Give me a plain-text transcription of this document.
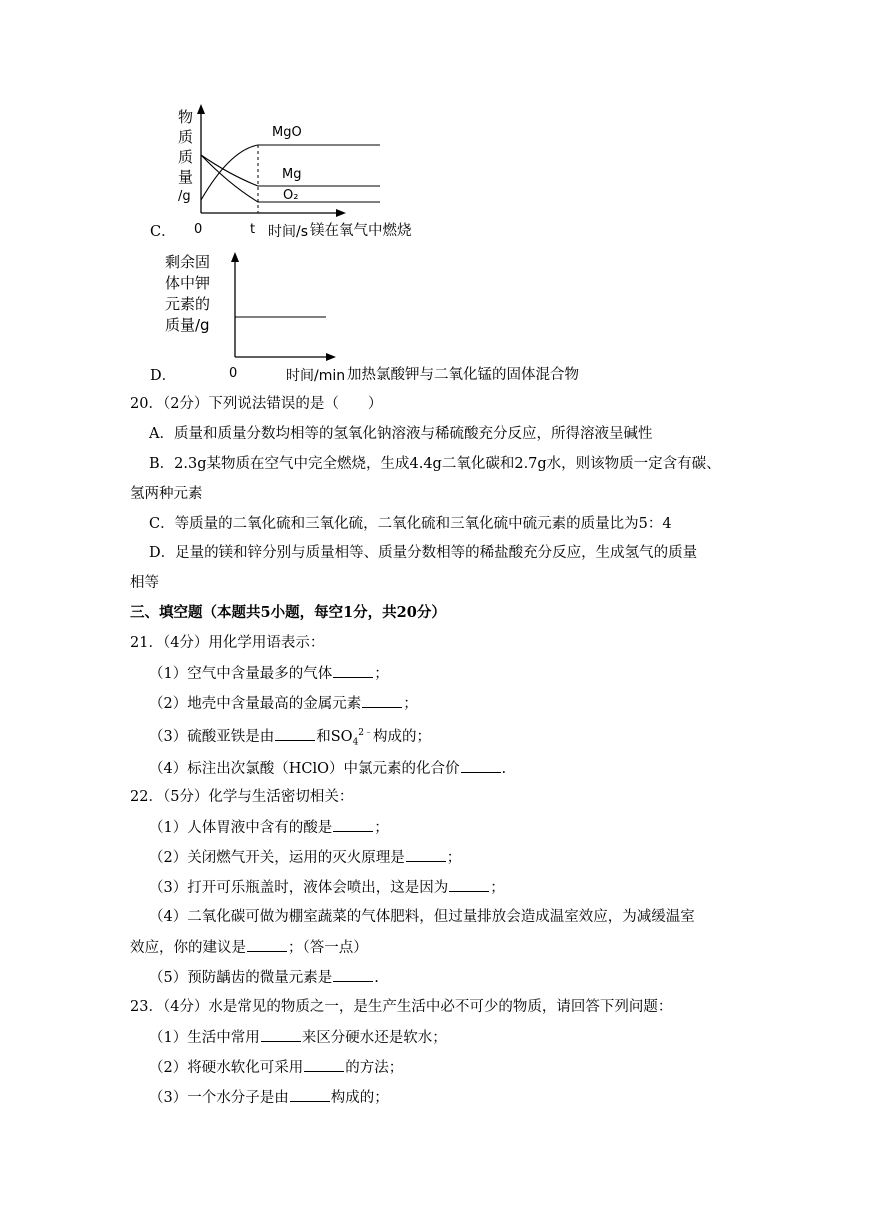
C．
物
质
质
量
/g
MgO
Mg
O₂
0	t 时间/s 镁在氧气中燃烧
D．
剩余固
体中钾
元素的
质量/g
0	时间/min 加热氯酸钾与二氧化锰的固体混合物
20．（2分）下列说法错误的是（　　）
A．质量和质量分数均相等的氢氧化钠溶液与稀硫酸充分反应，所得溶液呈碱性
B．2.3g某物质在空气中完全燃烧，生成4.4g二氧化碳和2.7g水，则该物质一定含有碳、
氢两种元素
C．等质量的二氧化硫和三氧化硫，二氧化硫和三氧化硫中硫元素的质量比为5：4
D．足量的镁和锌分别与质量相等、质量分数相等的稀盐酸充分反应，生成氢气的质量
相等
三、填空题（本题共5小题，每空1分，共20分）
21．（4分）用化学用语表示：
（1）空气中含量最多的气体	；
（2）地壳中含量最高的金属元素	；
（3）硫酸亚铁是由	和$SO_4^{2﹣}$构成的；
（4）标注出次氯酸（HClO）中氯元素的化合价	.
22．（5分）化学与生活密切相关：
（1）人体胃液中含有的酸是	；
（2）关闭燃气开关，运用的灭火原理是	；
（3）打开可乐瓶盖时，液体会喷出，这是因为	；
（4）二氧化碳可做为棚室蔬菜的气体肥料，但过量排放会造成温室效应，为减缓温室
效应，你的建议是	；（答一点）
（5）预防龋齿的微量元素是	.
23．（4分）水是常见的物质之一，是生产生活中必不可少的物质，请回答下列问题：
（1）生活中常用	来区分硬水还是软水；
（2）将硬水软化可采用	的方法；
（3）一个水分子是由	构成的；
